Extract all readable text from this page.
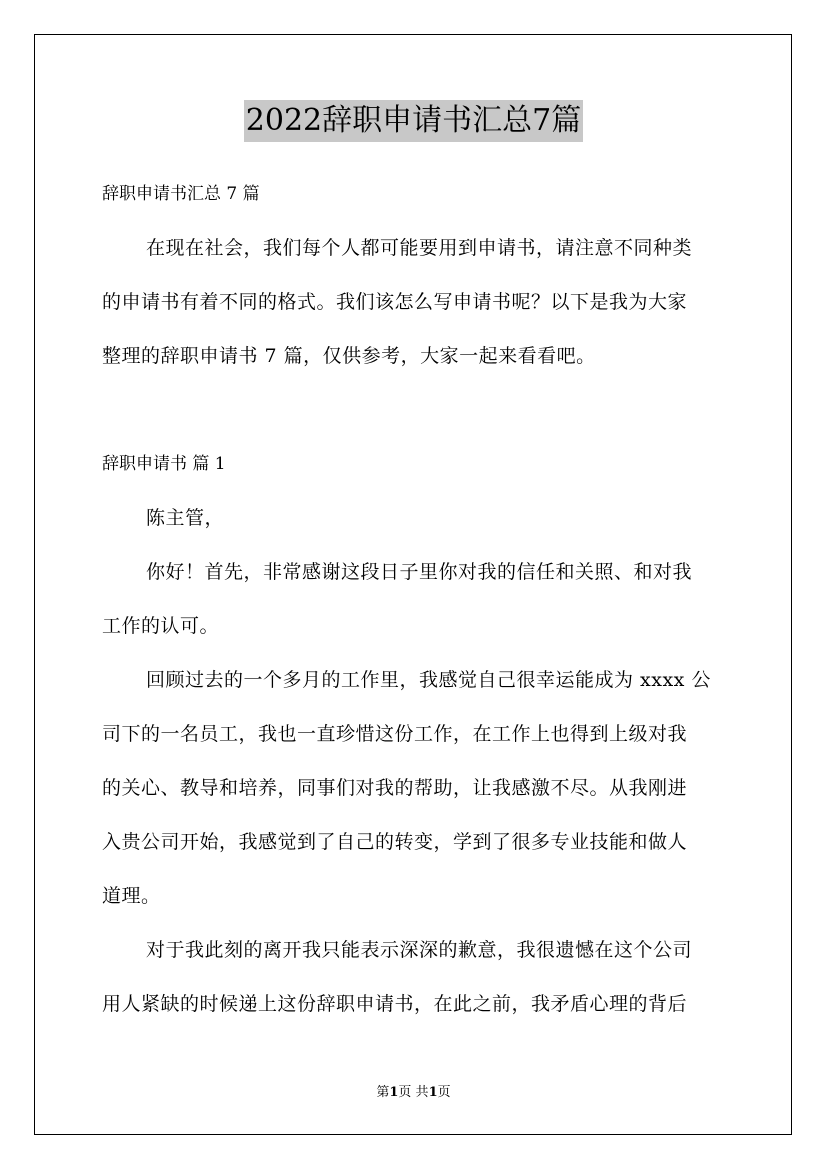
2022辞职申请书汇总7篇
辞职申请书汇总 7 篇
在现在社会，我们每个人都可能要用到申请书，请注意不同种类
的申请书有着不同的格式。我们该怎么写申请书呢？以下是我为大家
整理的辞职申请书 7 篇，仅供参考，大家一起来看看吧。
辞职申请书 篇 1
陈主管，
你好！首先，非常感谢这段日子里你对我的信任和关照、和对我
工作的认可。
回顾过去的一个多月的工作里，我感觉自己很幸运能成为 xxxx 公
司下的一名员工，我也一直珍惜这份工作，在工作上也得到上级对我
的关心、教导和培养，同事们对我的帮助，让我感激不尽。从我刚进
入贵公司开始，我感觉到了自己的转变，学到了很多专业技能和做人
道理。
对于我此刻的离开我只能表示深深的歉意，我很遗憾在这个公司
用人紧缺的时候递上这份辞职申请书，在此之前，我矛盾心理的背后
第1页 共1页
